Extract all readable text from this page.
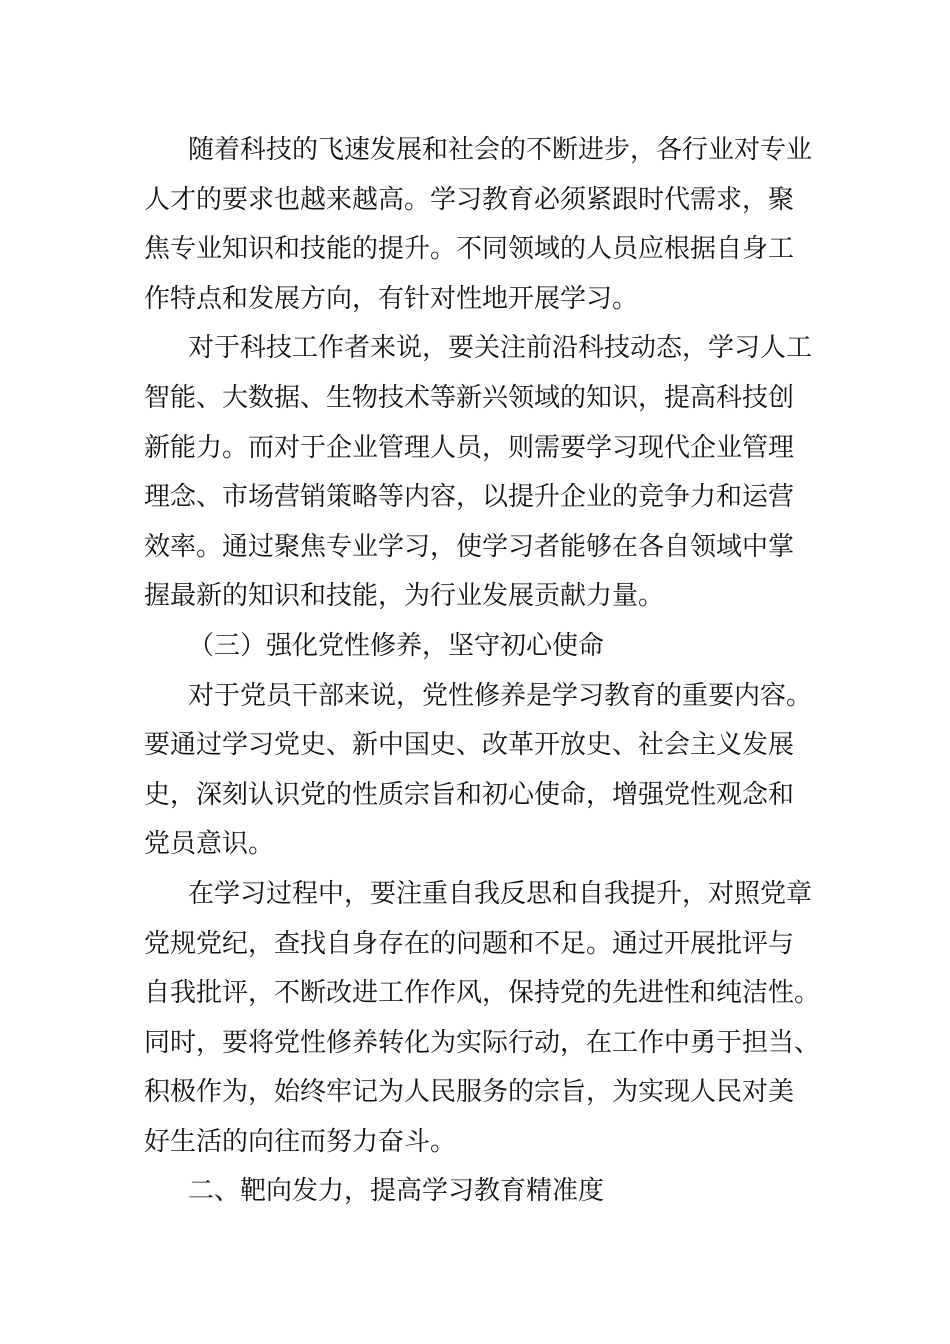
随着科技的飞速发展和社会的不断进步，各行业对专业
人才的要求也越来越高。学习教育必须紧跟时代需求，聚
焦专业知识和技能的提升。不同领域的人员应根据自身工
作特点和发展方向，有针对性地开展学习。
对于科技工作者来说，要关注前沿科技动态，学习人工
智能、大数据、生物技术等新兴领域的知识，提高科技创
新能力。而对于企业管理人员，则需要学习现代企业管理
理念、市场营销策略等内容，以提升企业的竞争力和运营
效率。通过聚焦专业学习，使学习者能够在各自领域中掌
握最新的知识和技能，为行业发展贡献力量。
（三）强化党性修养，坚守初心使命
对于党员干部来说，党性修养是学习教育的重要内容。
要通过学习党史、新中国史、改革开放史、社会主义发展
史，深刻认识党的性质宗旨和初心使命，增强党性观念和
党员意识。
在学习过程中，要注重自我反思和自我提升，对照党章
党规党纪，查找自身存在的问题和不足。通过开展批评与
自我批评，不断改进工作作风，保持党的先进性和纯洁性。
同时，要将党性修养转化为实际行动，在工作中勇于担当、
积极作为，始终牢记为人民服务的宗旨，为实现人民对美
好生活的向往而努力奋斗。
二、靶向发力，提高学习教育精准度
